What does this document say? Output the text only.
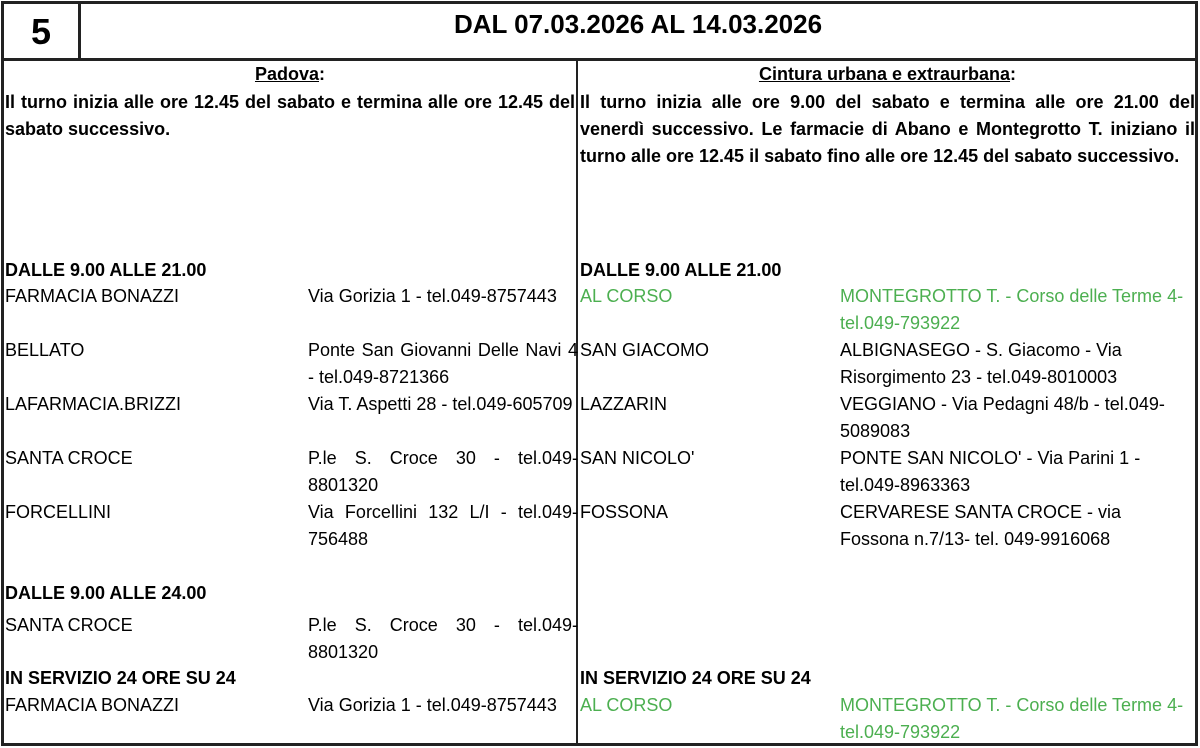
5	DAL 07.03.2026 AL 14.03.2026
Padova:
Il turno inizia alle ore 12.45 del sabato e termina alle ore 12.45 del sabato successivo.
DALLE 9.00 ALLE 21.00
FARMACIA BONAZZI	Via Gorizia 1 - tel.049-8757443
BELLATO	Ponte San Giovanni Delle Navi 4 - tel.049-8721366
LAFARMACIA.BRIZZI	Via T. Aspetti 28 - tel.049-605709
SANTA CROCE	P.le S. Croce 30 - tel.049-8801320
FORCELLINI	Via Forcellini 132 L/I - tel.049-756488
DALLE 9.00 ALLE 24.00
SANTA CROCE	P.le S. Croce 30 - tel.049-8801320
IN SERVIZIO 24 ORE SU 24
FARMACIA BONAZZI	Via Gorizia 1 - tel.049-8757443
Cintura urbana e extraurbana:
Il turno inizia alle ore 9.00 del sabato e termina alle ore 21.00 del venerdì successivo. Le farmacie di Abano e Montegrotto T. iniziano il turno alle ore 12.45 il sabato fino alle ore 12.45 del sabato successivo.
DALLE 9.00 ALLE 21.00
AL CORSO	MONTEGROTTO T. - Corso delle Terme 4- tel.049-793922
SAN GIACOMO	ALBIGNASEGO - S. Giacomo - Via Risorgimento 23 - tel.049-8010003
LAZZARIN	VEGGIANO - Via Pedagni 48/b - tel.049-5089083
SAN NICOLO'	PONTE SAN NICOLO' - Via Parini 1 - tel.049-8963363
FOSSONA	CERVARESE SANTA CROCE - via Fossona n.7/13- tel. 049-9916068
IN SERVIZIO 24 ORE SU 24
AL CORSO	MONTEGROTTO T. - Corso delle Terme 4- tel.049-793922
